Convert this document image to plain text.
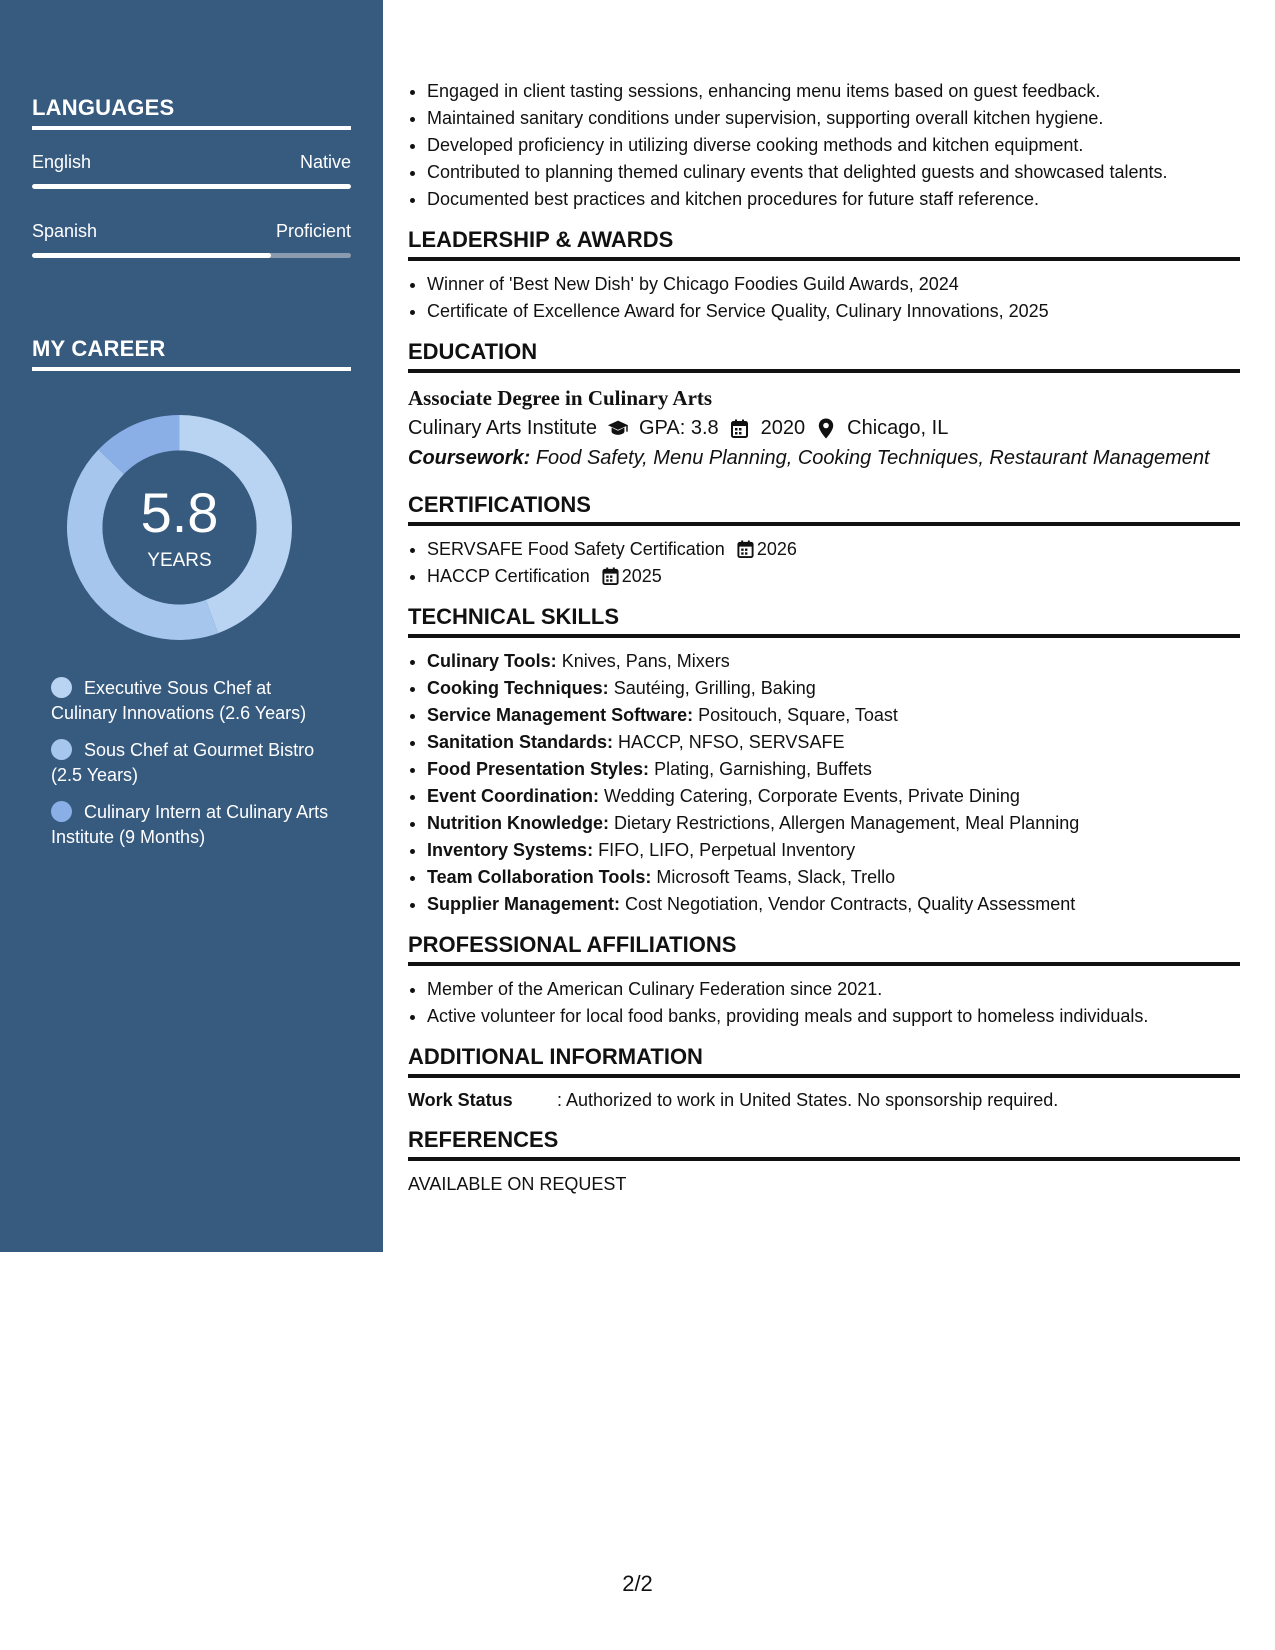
LANGUAGES
English	Native
Spanish	Proficient
MY CAREER
5.8
YEARS
Executive Sous Chef at Culinary Innovations (2.6 Years)
Sous Chef at Gourmet Bistro (2.5 Years)
Culinary Intern at Culinary Arts Institute (9 Months)
• Engaged in client tasting sessions, enhancing menu items based on guest feedback.
• Maintained sanitary conditions under supervision, supporting overall kitchen hygiene.
• Developed proficiency in utilizing diverse cooking methods and kitchen equipment.
• Contributed to planning themed culinary events that delighted guests and showcased talents.
• Documented best practices and kitchen procedures for future staff reference.
LEADERSHIP & AWARDS
• Winner of 'Best New Dish' by Chicago Foodies Guild Awards, 2024
• Certificate of Excellence Award for Service Quality, Culinary Innovations, 2025
EDUCATION
Associate Degree in Culinary Arts
Culinary Arts Institute GPA: 3.8 2020 Chicago, IL
Coursework: Food Safety, Menu Planning, Cooking Techniques, Restaurant Management
CERTIFICATIONS
• SERVSAFE Food Safety Certification 2026
• HACCP Certification 2025
TECHNICAL SKILLS
• Culinary Tools: Knives, Pans, Mixers
• Cooking Techniques: Sautéing, Grilling, Baking
• Service Management Software: Positouch, Square, Toast
• Sanitation Standards: HACCP, NFSO, SERVSAFE
• Food Presentation Styles: Plating, Garnishing, Buffets
• Event Coordination: Wedding Catering, Corporate Events, Private Dining
• Nutrition Knowledge: Dietary Restrictions, Allergen Management, Meal Planning
• Inventory Systems: FIFO, LIFO, Perpetual Inventory
• Team Collaboration Tools: Microsoft Teams, Slack, Trello
• Supplier Management: Cost Negotiation, Vendor Contracts, Quality Assessment
PROFESSIONAL AFFILIATIONS
• Member of the American Culinary Federation since 2021.
• Active volunteer for local food banks, providing meals and support to homeless individuals.
ADDITIONAL INFORMATION
Work Status	: Authorized to work in United States. No sponsorship required.
REFERENCES
AVAILABLE ON REQUEST
2/2
